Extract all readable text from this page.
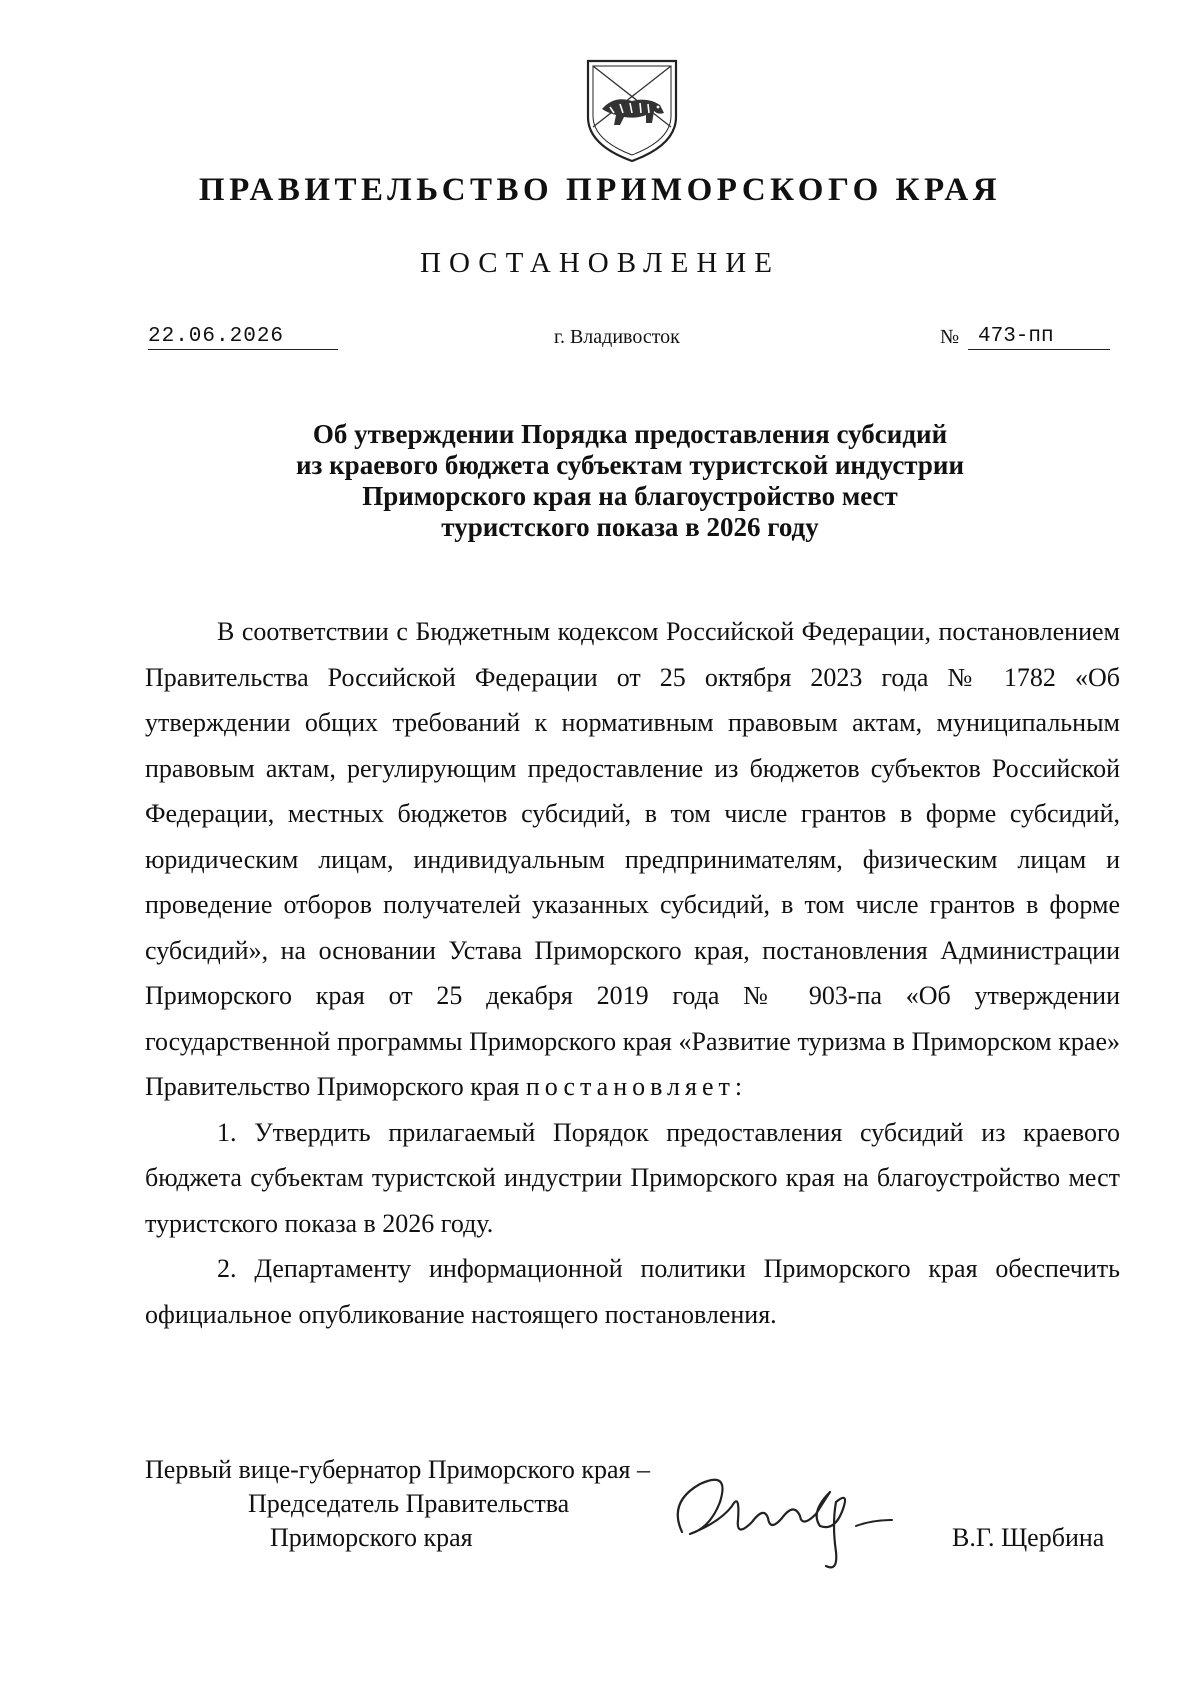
ПРАВИТЕЛЬСТВО ПРИМОРСКОГО КРАЯ
ПОСТАНОВЛЕНИЕ
22.06.2026	г. Владивосток	№ 473-пп
Об утверждении Порядка предоставления субсидий
из краевого бюджета субъектам туристской индустрии
Приморского края на благоустройство мест
туристского показа в 2026 году

В соответствии с Бюджетным кодексом Российской Федерации, постановлением Правительства Российской Федерации от 25 октября 2023 года № 1782 «Об утверждении общих требований к нормативным правовым актам, муниципальным правовым актам, регулирующим предоставление из бюджетов субъектов Российской Федерации, местных бюджетов субсидий, в том числе грантов в форме субсидий, юридическим лицам, индивидуальным предпринимателям, физическим лицам и проведение отборов получателей указанных субсидий, в том числе грантов в форме субсидий», на основании Устава Приморского края, постановления Администрации Приморского края от 25 декабря 2019 года № 903-па «Об утверждении государственной программы Приморского края «Развитие туризма в Приморском крае» Правительство Приморского края постановляет:

1. Утвердить прилагаемый Порядок предоставления субсидий из краевого бюджета субъектам туристской индустрии Приморского края на благоустройство мест туристского показа в 2026 году.

2. Департаменту информационной политики Приморского края обеспечить официальное опубликование настоящего постановления.

Первый вице-губернатор Приморского края –
Председатель Правительства
Приморского края	В.Г. Щербина
